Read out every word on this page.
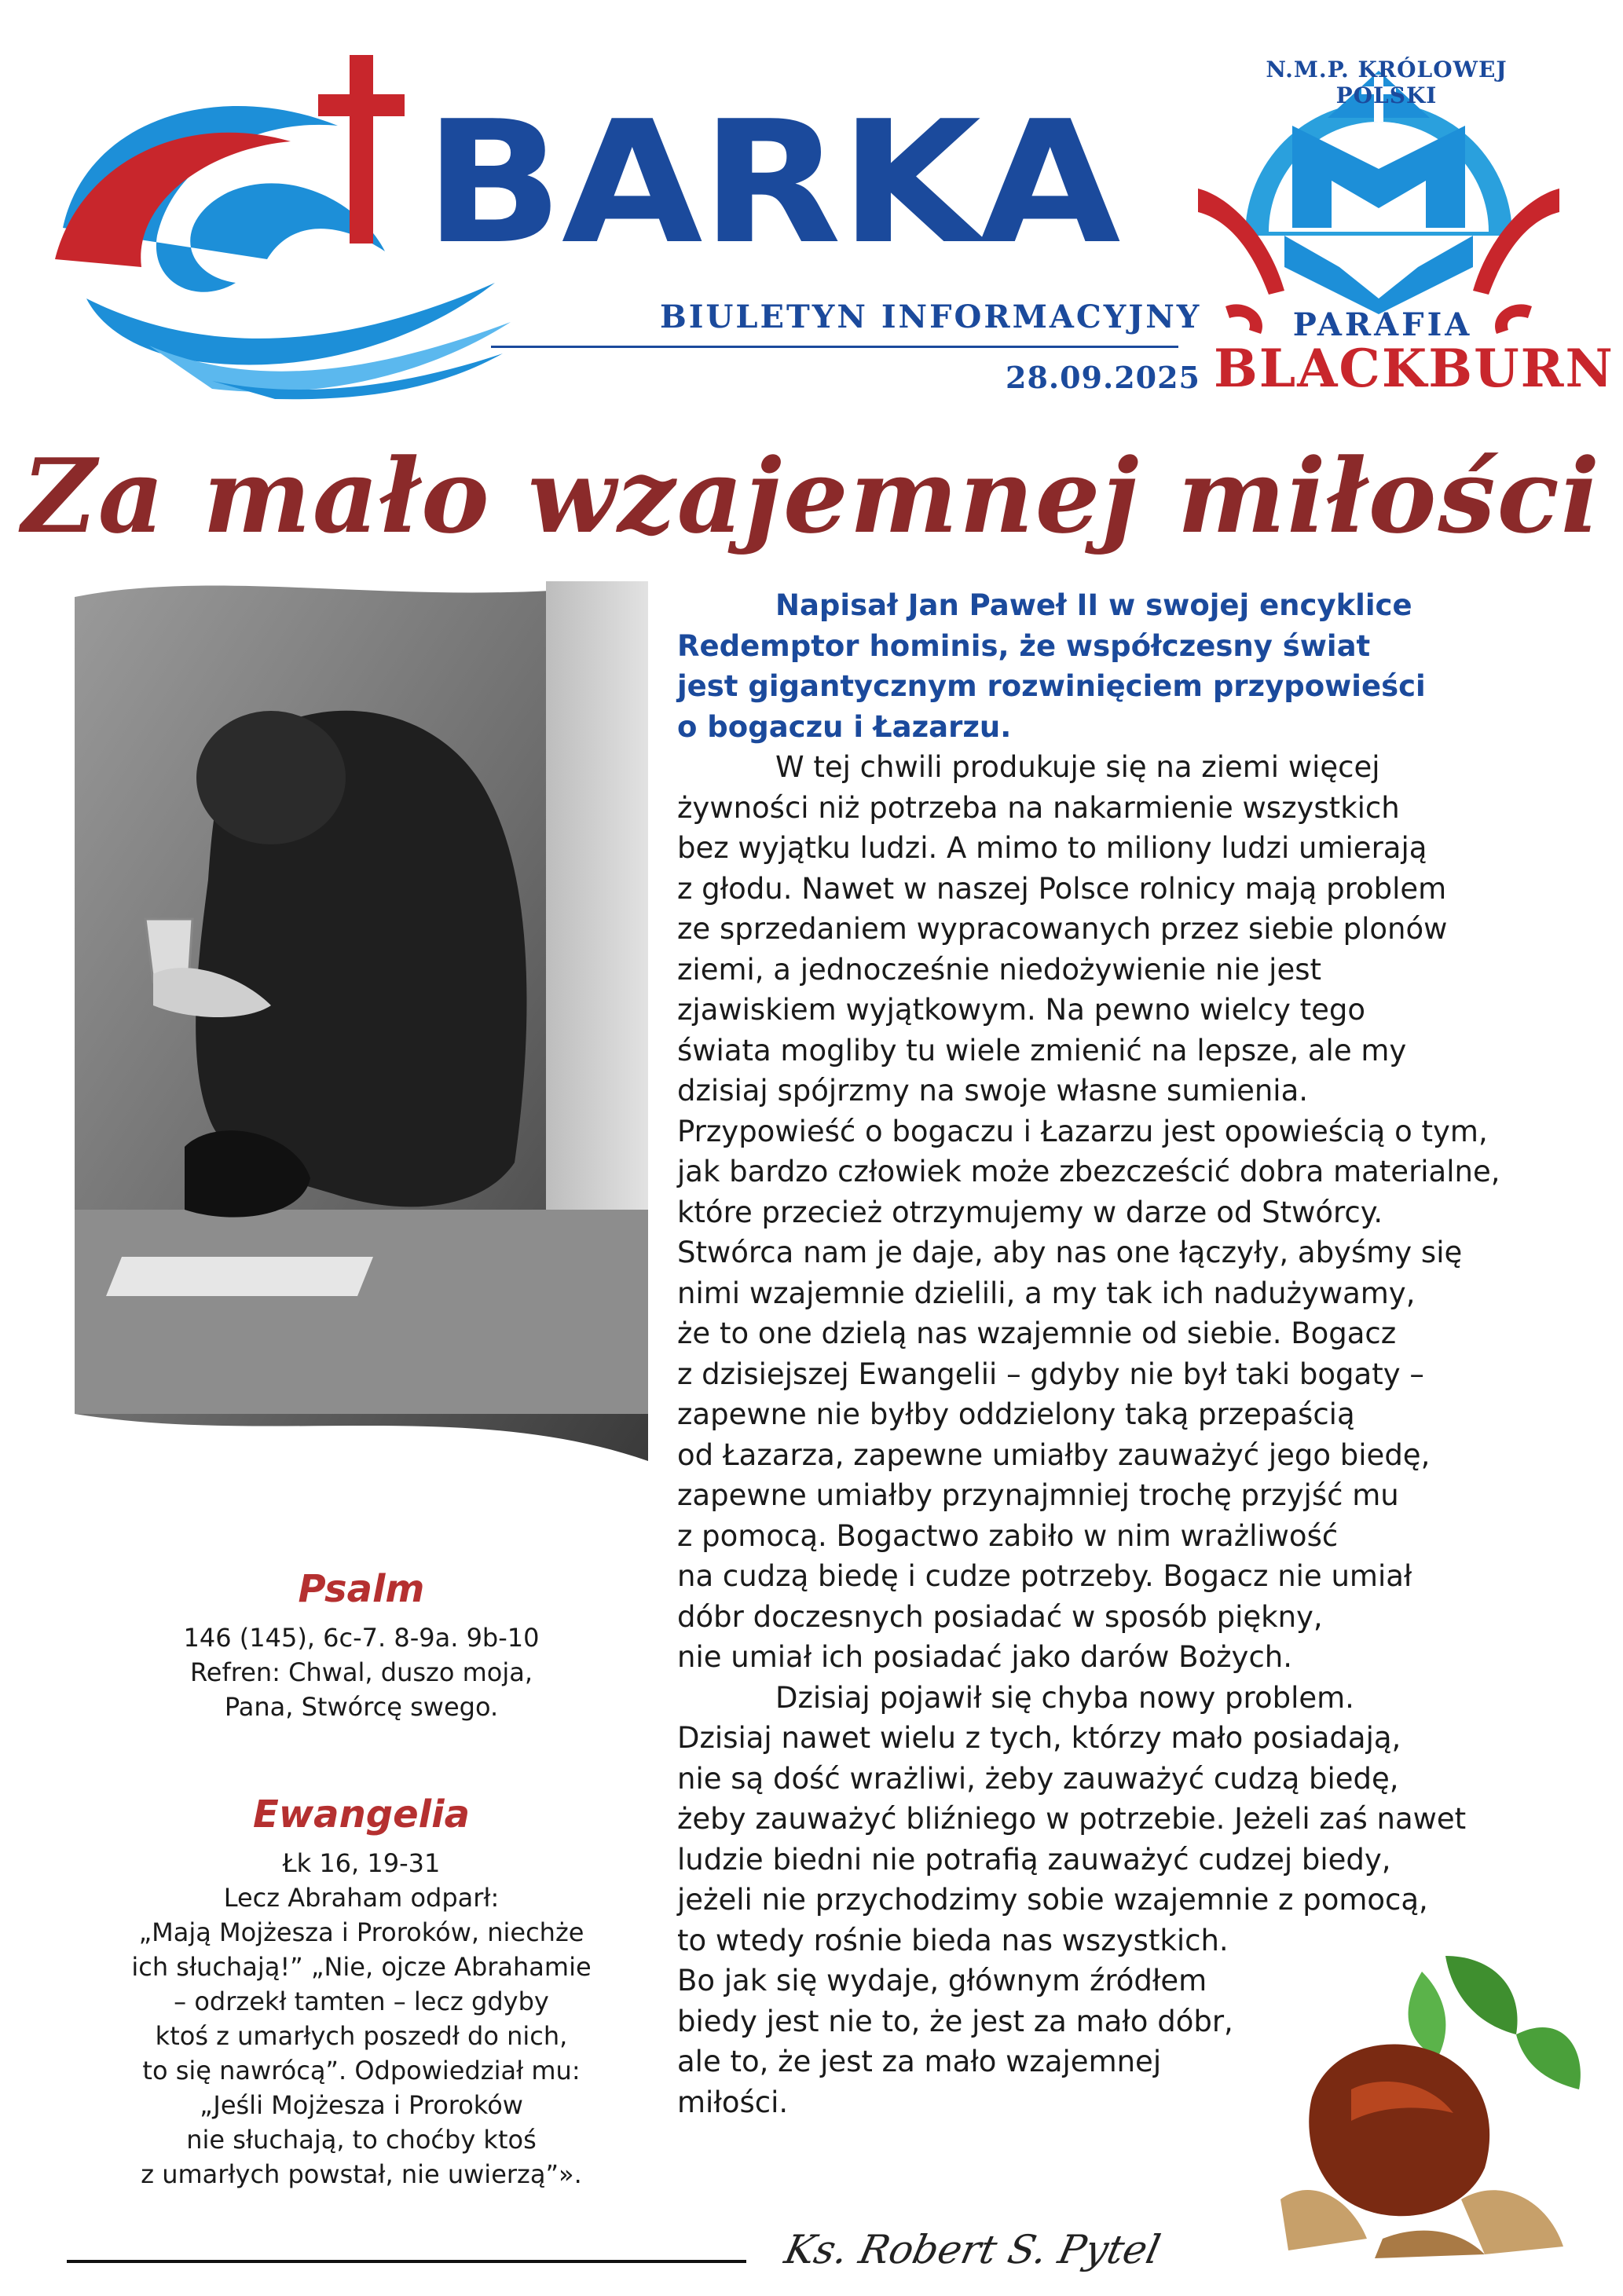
BARKA
BIULETYN INFORMACYJNY
28.09.2025
N.M.P. KRÓLOWEJ POLSKI
PARAFIA
BLACKBURN
Za mało wzajemnej miłości
Psalm
146 (145), 6c-7. 8-9a. 9b-10
Refren: Chwal, duszo moja,
Pana, Stwórcę swego.
Ewangelia
Łk 16, 19-31
Lecz Abraham odparł:
„Mają Mojżesza i Proroków, niechże
ich słuchają!” „Nie, ojcze Abrahamie
– odrzekł tamten – lecz gdyby
ktoś z umarłych poszedł do nich,
to się nawrócą”. Odpowiedział mu:
„Jeśli Mojżesza i Proroków
nie słuchają, to choćby ktoś
z umarłych powstał, nie uwierzą”».

Napisał Jan Paweł II w swojej encyklice
Redemptor hominis, że współczesny świat
jest gigantycznym rozwinięciem przypowieści
o bogaczu i Łazarzu.

W tej chwili produkuje się na ziemi więcej
żywności niż potrzeba na nakarmienie wszystkich
bez wyjątku ludzi. A mimo to miliony ludzi umierają
z głodu. Nawet w naszej Polsce rolnicy mają problem
ze sprzedaniem wypracowanych przez siebie plonów
ziemi, a jednocześnie niedożywienie nie jest
zjawiskiem wyjątkowym. Na pewno wielcy tego
świata mogliby tu wiele zmienić na lepsze, ale my
dzisiaj spójrzmy na swoje własne sumienia.
Przypowieść o bogaczu i Łazarzu jest opowieścią o tym,
jak bardzo człowiek może zbezcześcić dobra materialne,
które przecież otrzymujemy w darze od Stwórcy.
Stwórca nam je daje, aby nas one łączyły, abyśmy się
nimi wzajemnie dzielili, a my tak ich nadużywamy,
że to one dzielą nas wzajemnie od siebie. Bogacz
z dzisiejszej Ewangelii – gdyby nie był taki bogaty –
zapewne nie byłby oddzielony taką przepaścią
od Łazarza, zapewne umiałby zauważyć jego biedę,
zapewne umiałby przynajmniej trochę przyjść mu
z pomocą. Bogactwo zabiło w nim wrażliwość
na cudzą biedę i cudze potrzeby. Bogacz nie umiał
dóbr doczesnych posiadać w sposób piękny,
nie umiał ich posiadać jako darów Bożych.

Dzisiaj pojawił się chyba nowy problem.
Dzisiaj nawet wielu z tych, którzy mało posiadają,
nie są dość wrażliwi, żeby zauważyć cudzą biedę,
żeby zauważyć bliźniego w potrzebie. Jeżeli zaś nawet
ludzie biedni nie potrafią zauważyć cudzej biedy,
jeżeli nie przychodzimy sobie wzajemnie z pomocą,
to wtedy rośnie bieda nas wszystkich.
Bo jak się wydaje, głównym źródłem
biedy jest nie to, że jest za mało dóbr,
ale to, że jest za mało wzajemnej
miłości.

Ks. Robert S. Pytel
